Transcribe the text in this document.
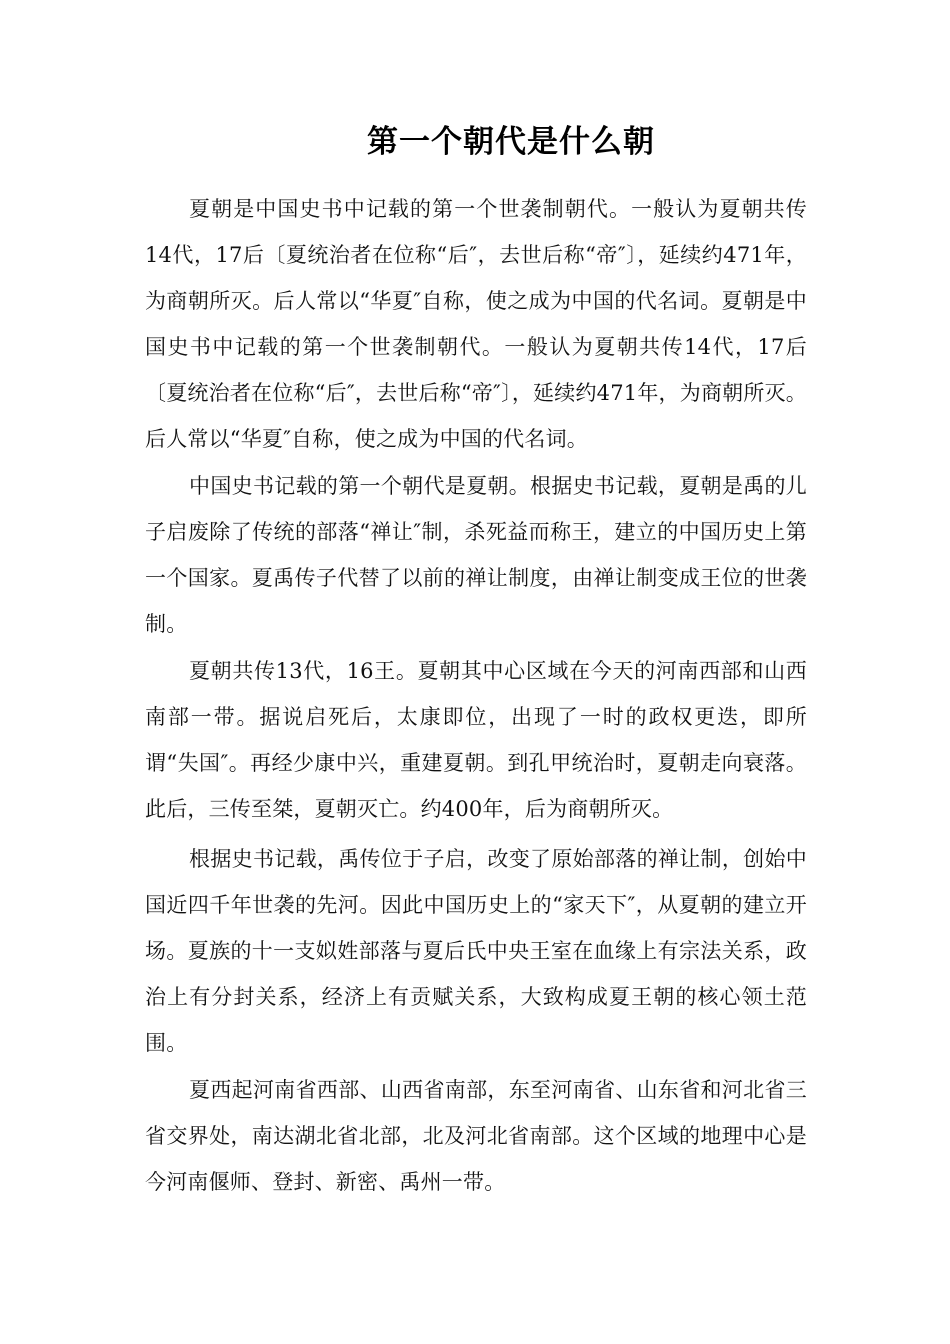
第一个朝代是什么朝

夏朝是中国史书中记载的第一个世袭制朝代。一般认为夏朝共传14代，17后〔夏统治者在位称“后″，去世后称“帝″〕，延续约471年，为商朝所灭。后人常以“华夏″自称，使之成为中国的代名词。夏朝是中国史书中记载的第一个世袭制朝代。一般认为夏朝共传14代，17后〔夏统治者在位称“后″，去世后称“帝″〕，延续约471年，为商朝所灭。后人常以“华夏″自称，使之成为中国的代名词。

中国史书记载的第一个朝代是夏朝。根据史书记载，夏朝是禹的儿子启废除了传统的部落“禅让″制，杀死益而称王，建立的中国历史上第一个国家。夏禹传子代替了以前的禅让制度，由禅让制变成王位的世袭制。

夏朝共传13代，16王。夏朝其中心区域在今天的河南西部和山西南部一带。据说启死后，太康即位，出现了一时的政权更迭，即所谓“失国″。再经少康中兴，重建夏朝。到孔甲统治时，夏朝走向衰落。此后，三传至桀，夏朝灭亡。约400年，后为商朝所灭。

根据史书记载，禹传位于子启，改变了原始部落的禅让制，创始中国近四千年世袭的先河。因此中国历史上的“家天下″，从夏朝的建立开场。夏族的十一支姒姓部落与夏后氏中央王室在血缘上有宗法关系，政治上有分封关系，经济上有贡赋关系，大致构成夏王朝的核心领土范围。

夏西起河南省西部、山西省南部，东至河南省、山东省和河北省三省交界处，南达湖北省北部，北及河北省南部。这个区域的地理中心是今河南偃师、登封、新密、禹州一带。
